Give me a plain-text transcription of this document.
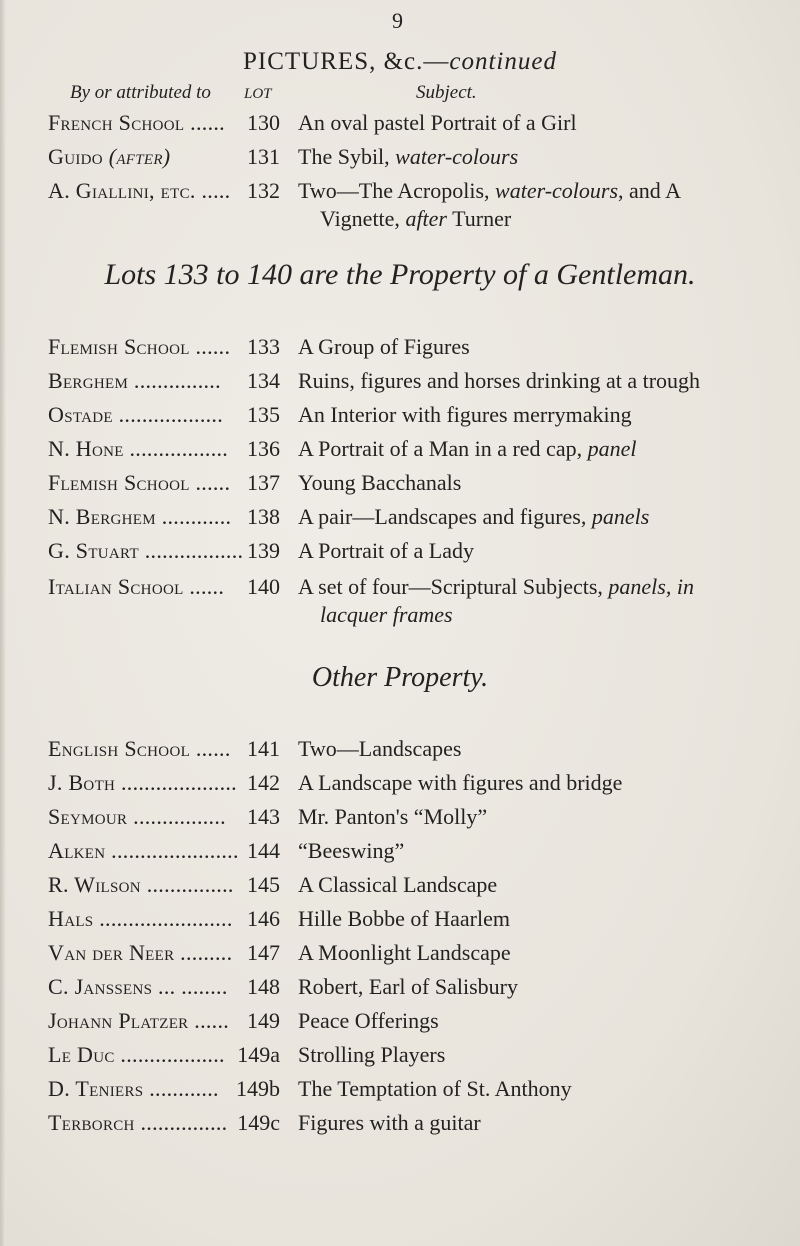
9
PICTURES, &c.—continued
By or attributed to LOT	Subject.
French School ......	130 An oval pastel Portrait of a Girl
Guido (after)	131 The Sybil, water-colours
A. Giallini, etc. ..... 132 Two—The Acropolis, water-colours, and A
Vignette, after Turner
Lots 133 to 140 are the Property of a Gentleman.
Flemish School ...... 133 A Group of Figures
Berghem ...............	134 Ruins, figures and horses drinking at a trough
Ostade ..................	135 An Interior with figures merrymaking
N. Hone ................. 136 A Portrait of a Man in a red cap, panel
Flemish School ...... 137 Young Bacchanals
N. Berghem ............ 138 A pair—Landscapes and figures, panels
G. Stuart ................. 139 A Portrait of a Lady
Italian School ......	140 A set of four—Scriptural Subjects, panels, in
lacquer frames
Other Property.
English School ...... 141 Two—Landscapes
J. Both .................... 142 A Landscape with figures and bridge
Seymour ................ 143 Mr. Panton's “Molly”
Alken ...................... 144 “Beeswing”
R. Wilson ............... 145 A Classical Landscape
Hals ....................... 146 Hille Bobbe of Haarlem
Van der Neer ......... 147 A Moonlight Landscape
C. Janssens ... ........ 148 Robert, Earl of Salisbury
Johann Platzer ...... 149 Peace Offerings
Le Duc .................. 149a Strolling Players
D. Teniers ............ 149b The Temptation of St. Anthony
Terborch ............... 149c Figures with a guitar
